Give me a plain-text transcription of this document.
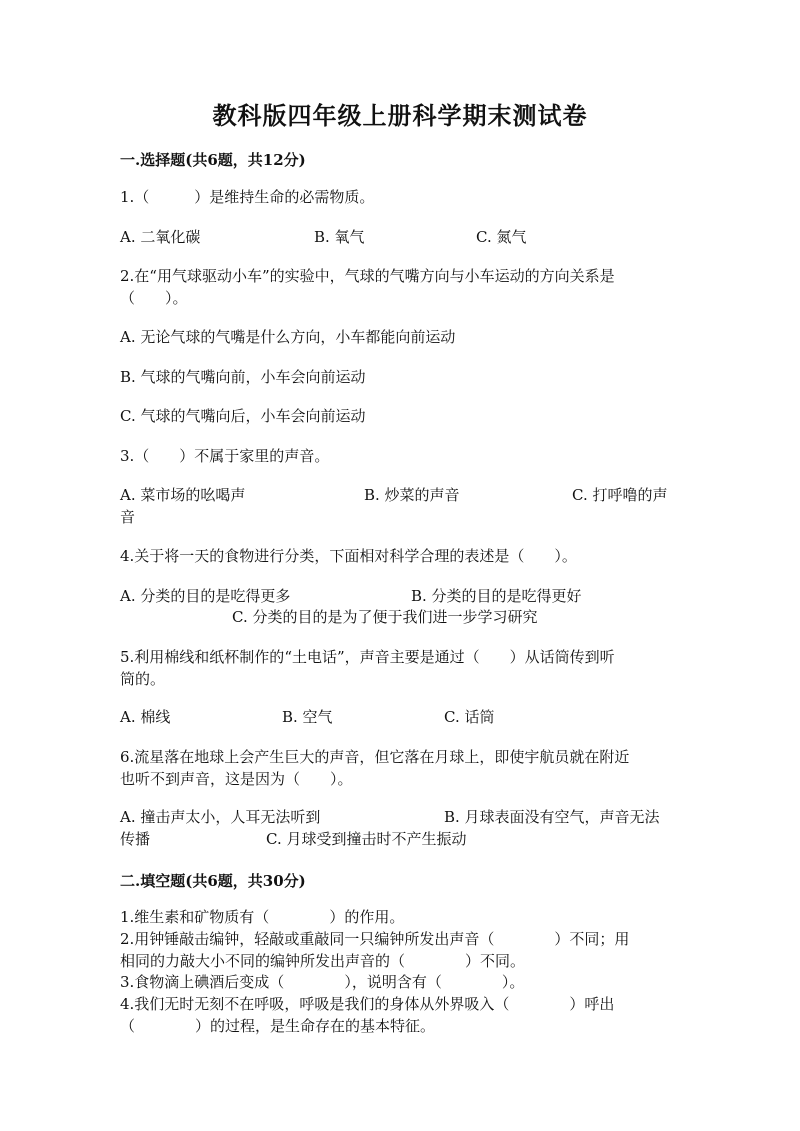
教科版四年级上册科学期末测试卷
一.选择题(共6题，共12分)
1.（　　　）是维持生命的必需物质。
A. 二氧化碳	B. 氧气	C. 氮气
2.在“用气球驱动小车”的实验中，气球的气嘴方向与小车运动的方向关系是
（　　）。
A. 无论气球的气嘴是什么方向，小车都能向前运动
B. 气球的气嘴向前，小车会向前运动
C. 气球的气嘴向后，小车会向前运动
3.（　　）不属于家里的声音。
A. 菜市场的吆喝声	B. 炒菜的声音	C. 打呼噜的声
音
4.关于将一天的食物进行分类，下面相对科学合理的表述是（　　）。
A. 分类的目的是吃得更多	B. 分类的目的是吃得更好
C. 分类的目的是为了便于我们进一步学习研究
5.利用棉线和纸杯制作的“土电话”，声音主要是通过（　　）从话筒传到听
筒的。
A. 棉线	B. 空气	C. 话筒
6.流星落在地球上会产生巨大的声音，但它落在月球上，即使宇航员就在附近
也听不到声音，这是因为（　　）。
A. 撞击声太小，人耳无法听到	B. 月球表面没有空气，声音无法
传播	C. 月球受到撞击时不产生振动
二.填空题(共6题，共30分)
1.维生素和矿物质有（　　　　）的作用。
2.用钟锤敲击编钟，轻敲或重敲同一只编钟所发出声音（　　　　）不同；用
相同的力敲大小不同的编钟所发出声音的（　　　　）不同。
3.食物滴上碘酒后变成（　　　　），说明含有（　　　　）。
4.我们无时无刻不在呼吸，呼吸是我们的身体从外界吸入（　　　　）呼出
（　　　　）的过程，是生命存在的基本特征。
